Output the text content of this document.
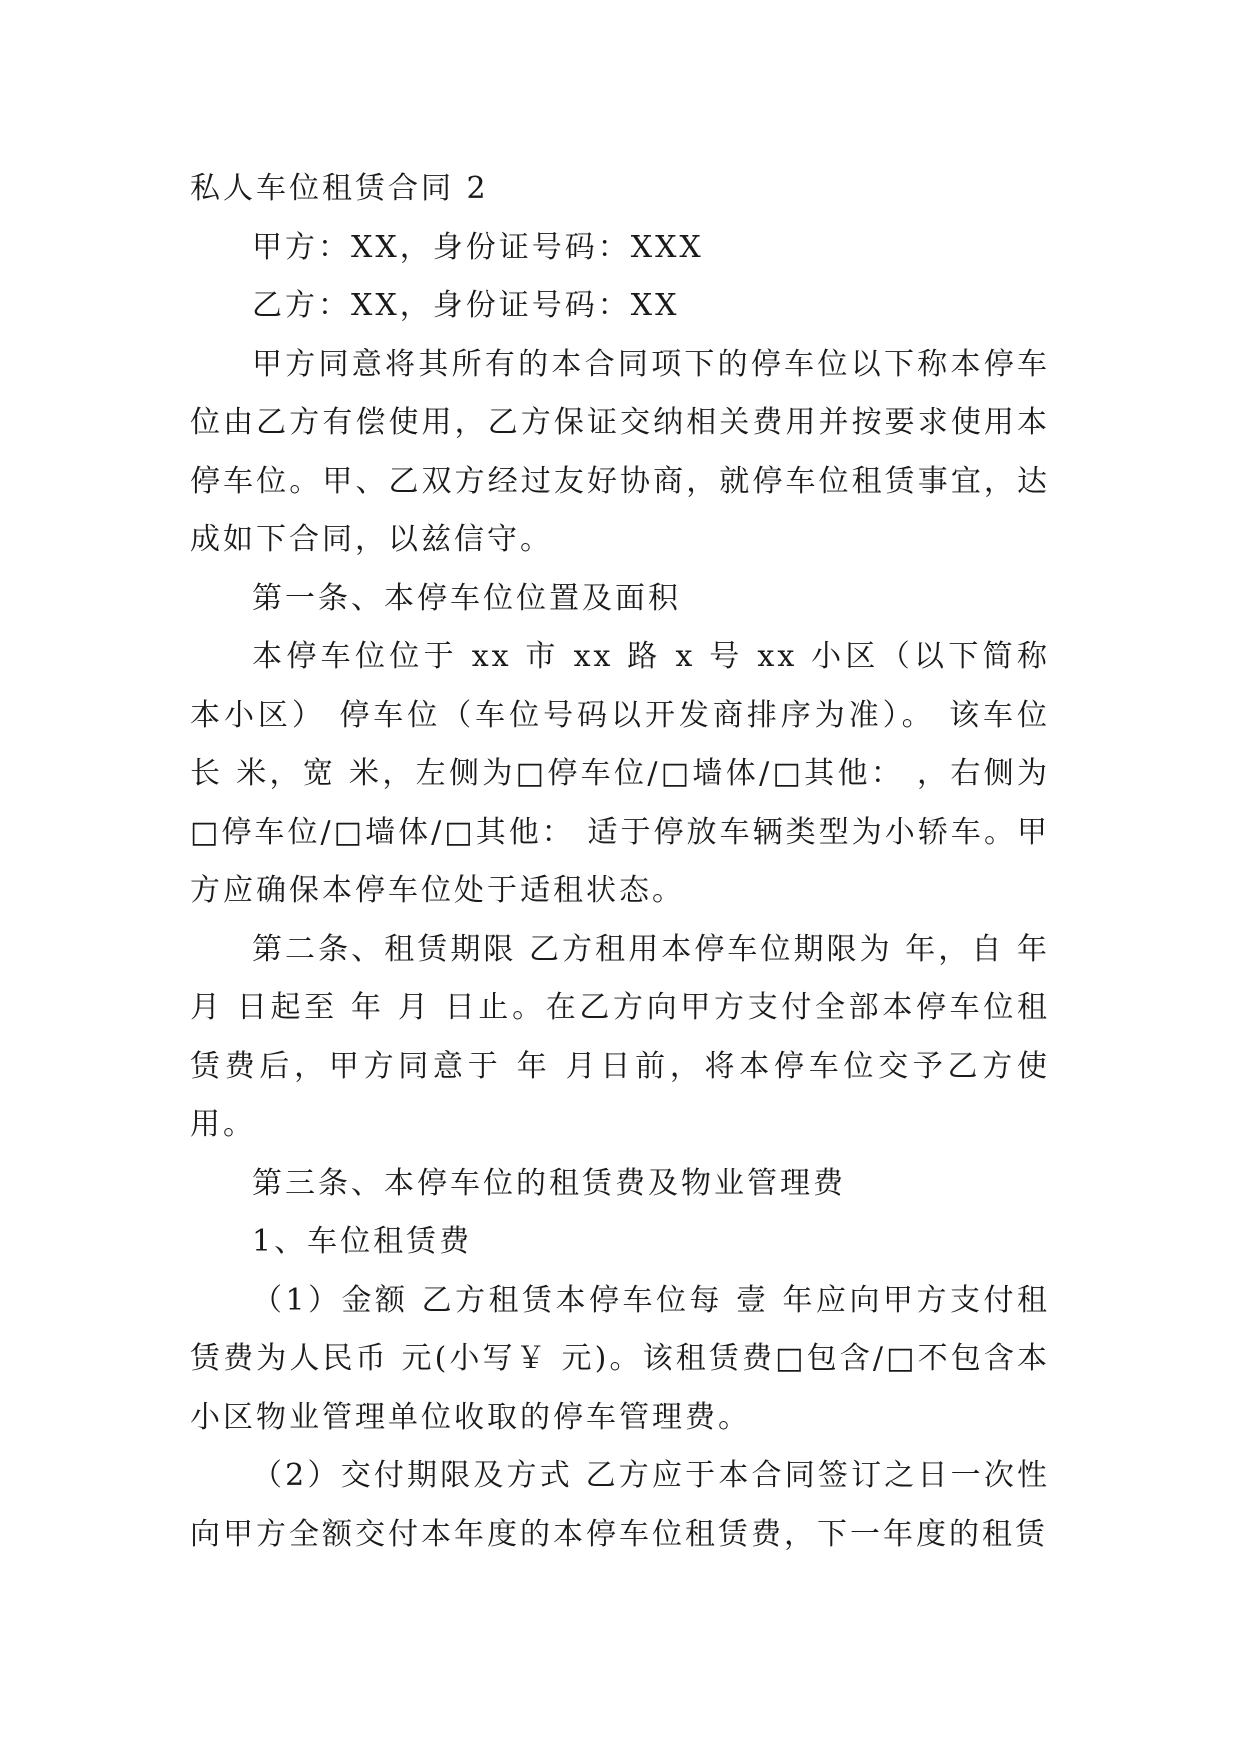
私人车位租赁合同 2

甲方：XX，身份证号码：XXX

乙方：XX，身份证号码：XX

甲方同意将其所有的本合同项下的停车位以下称本停车位由乙方有偿使用，乙方保证交纳相关费用并按要求使用本停车位。甲、乙双方经过友好协商，就停车位租赁事宜，达成如下合同，以兹信守。

第一条、本停车位位置及面积

本停车位位于 xx 市 xx 路 x 号 xx 小区（以下简称本小区） 停车位（车位号码以开发商排序为准）。 该车位长 米，宽 米，左侧为□停车位/□墙体/□其他： ，右侧为□停车位/□墙体/□其他： 适于停放车辆类型为小轿车。甲方应确保本停车位处于适租状态。

第二条、租赁期限 乙方租用本停车位期限为 年，自 年 月 日起至 年 月 日止。在乙方向甲方支付全部本停车位租赁费后，甲方同意于 年 月日前，将本停车位交予乙方使用。

第三条、本停车位的租赁费及物业管理费

1、车位租赁费

（1）金额 乙方租赁本停车位每 壹 年应向甲方支付租赁费为人民币 元(小写￥ 元)。该租赁费□包含/□不包含本小区物业管理单位收取的停车管理费。

（2）交付期限及方式 乙方应于本合同签订之日一次性向甲方全额交付本年度的本停车位租赁费，下一年度的租赁
